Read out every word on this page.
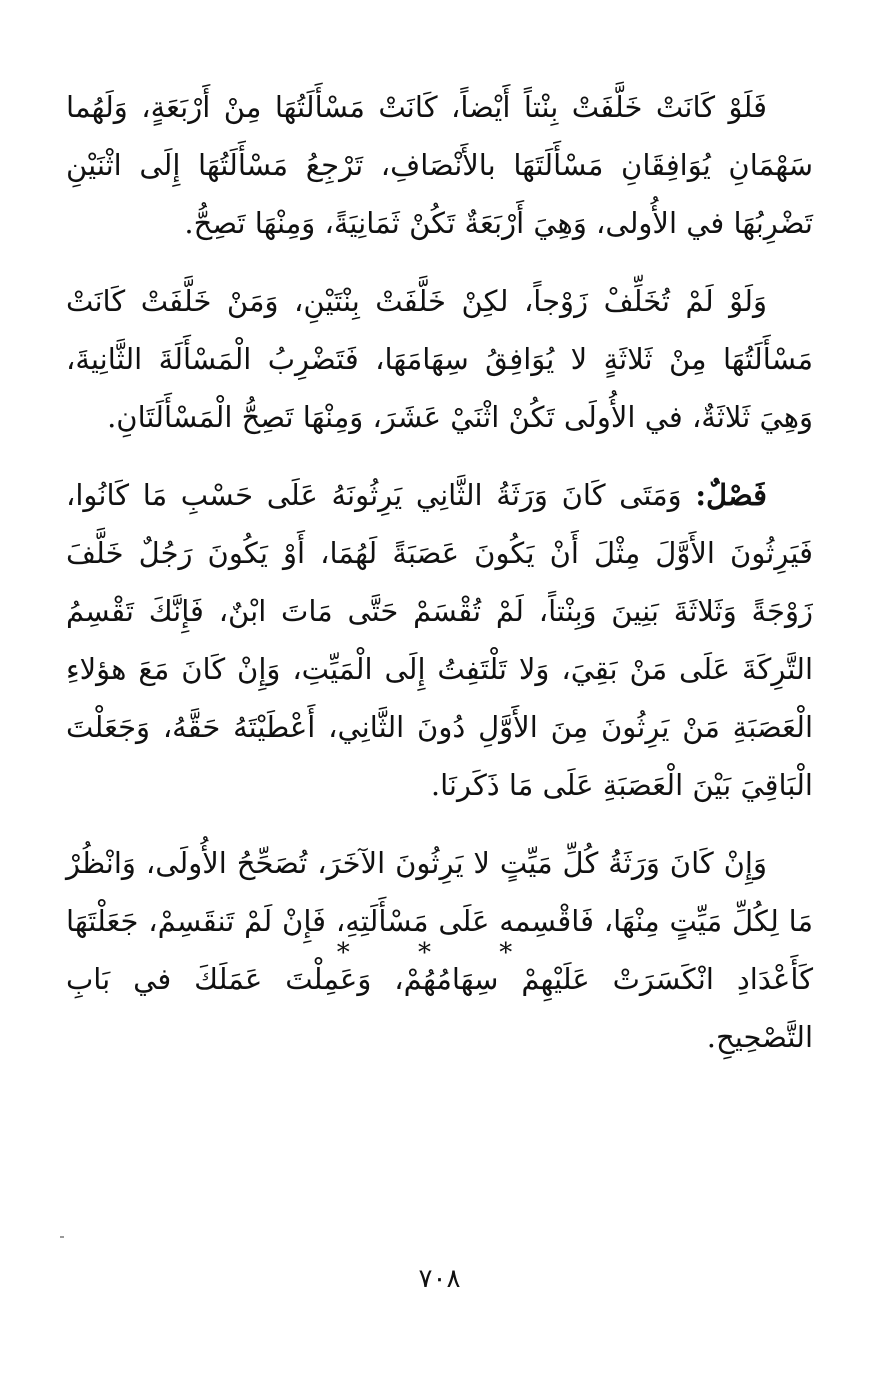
فَلَوْ كَانَتْ خَلَّفَتْ بِنْتاً أَيْضاً، كَانَتْ مَسْأَلَتُهَا مِنْ أَرْبَعَةٍ، وَلَهُما سَهْمَانِ يُوَافِقَانِ مَسْأَلَتَهَا بالأَنْصَافِ، تَرْجِعُ مَسْأَلَتُهَا إِلَى اثْنَيْنِ تَضْرِبُهَا في الأُولى، وَهِيَ أَرْبَعَةٌ تَكُنْ ثَمَانِيَةً، وَمِنْهَا تَصِحُّ.

وَلَوْ لَمْ تُخَلِّفْ زَوْجاً، لكِنْ خَلَّفَتْ بِنْتَيْنِ، وَمَنْ خَلَّفَتْ كَانَتْ مَسْأَلَتُهَا مِنْ ثَلاثَةٍ لا يُوَافِقُ سِهَامَهَا، فَتَضْرِبُ الْمَسْأَلَةَ الثَّانِيةَ، وَهِيَ ثَلاثَةٌ، في الأُولَى تَكُنْ اثْنَيْ عَشَرَ، وَمِنْهَا تَصِحُّ الْمَسْأَلَتَانِ.

فَصْلٌ: وَمَتَى كَانَ وَرَثَةُ الثَّانِي يَرِثُونَهُ عَلَى حَسْبِ مَا كَانُوا، فَيَرِثُونَ الأَوَّلَ مِثْلَ أَنْ يَكُونَ عَصَبَةً لَهُمَا، أَوْ يَكُونَ رَجُلٌ خَلَّفَ زَوْجَةً وَثَلاثَةَ بَنِينَ وَبِنْتاً، لَمْ تُقْسَمْ حَتَّى مَاتَ ابْنٌ، فَإِنَّكَ تَقْسِمُ التَّرِكَةَ عَلَى مَنْ بَقِيَ، وَلا تَلْتَفِتُ إِلَى الْمَيِّتِ، وَإِنْ كَانَ مَعَ هؤلاءِ الْعَصَبَةِ مَنْ يَرِثُونَ مِنَ الأَوَّلِ دُونَ الثَّانِي، أَعْطَيْتَهُ حَقَّهُ، وَجَعَلْتَ الْبَاقِيَ بَيْنَ الْعَصَبَةِ عَلَى مَا ذَكَرنَا.

وَإِنْ كَانَ وَرَثَةُ كُلِّ مَيِّتٍ لا يَرِثُونَ الآخَرَ، تُصَحِّحُ الأُولَى، وَانْظُرْ مَا لِكُلِّ مَيِّتٍ مِنْهَا، فَاقْسِمه عَلَى مَسْأَلَتِهِ، فَإِنْ لَمْ تَنقَسِمْ، جَعَلْتَهَا كَأَعْدَادِ انْكَسَرَتْ عَلَيْهِمْ سِهَامُهُمْ، وَعَمِلْتَ عَمَلَكَ في بَابِ التَّصْحِيحِ.

* * *
٧٠٨
